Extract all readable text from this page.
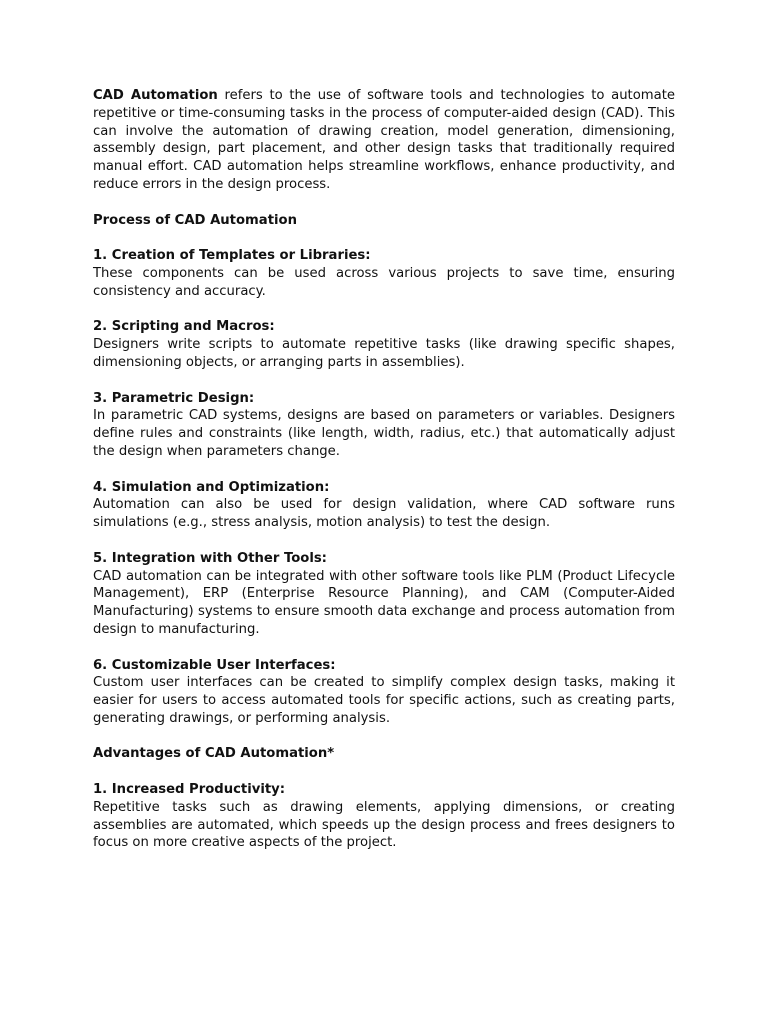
CAD Automation refers to the use of software tools and technologies to automate repetitive or time-consuming tasks in the process of computer-aided design (CAD). This can involve the automation of drawing creation, model generation, dimensioning, assembly design, part placement, and other design tasks that traditionally required manual effort. CAD automation helps streamline workflows, enhance productivity, and reduce errors in the design process.

Process of CAD Automation

1. Creation of Templates or Libraries:

These components can be used across various projects to save time, ensuring consistency and accuracy.

2. Scripting and Macros:

Designers write scripts to automate repetitive tasks (like drawing specific shapes, dimensioning objects, or arranging parts in assemblies).

3. Parametric Design:

In parametric CAD systems, designs are based on parameters or variables. Designers define rules and constraints (like length, width, radius, etc.) that automatically adjust the design when parameters change.

4. Simulation and Optimization:

Automation can also be used for design validation, where CAD software runs simulations (e.g., stress analysis, motion analysis) to test the design.

5. Integration with Other Tools:

CAD automation can be integrated with other software tools like PLM (Product Lifecycle Management), ERP (Enterprise Resource Planning), and CAM (Computer-Aided Manufacturing) systems to ensure smooth data exchange and process automation from design to manufacturing.

6. Customizable User Interfaces:

Custom user interfaces can be created to simplify complex design tasks, making it easier for users to access automated tools for specific actions, such as creating parts, generating drawings, or performing analysis.

Advantages of CAD Automation*

1. Increased Productivity:

Repetitive tasks such as drawing elements, applying dimensions, or creating assemblies are automated, which speeds up the design process and frees designers to focus on more creative aspects of the project.
